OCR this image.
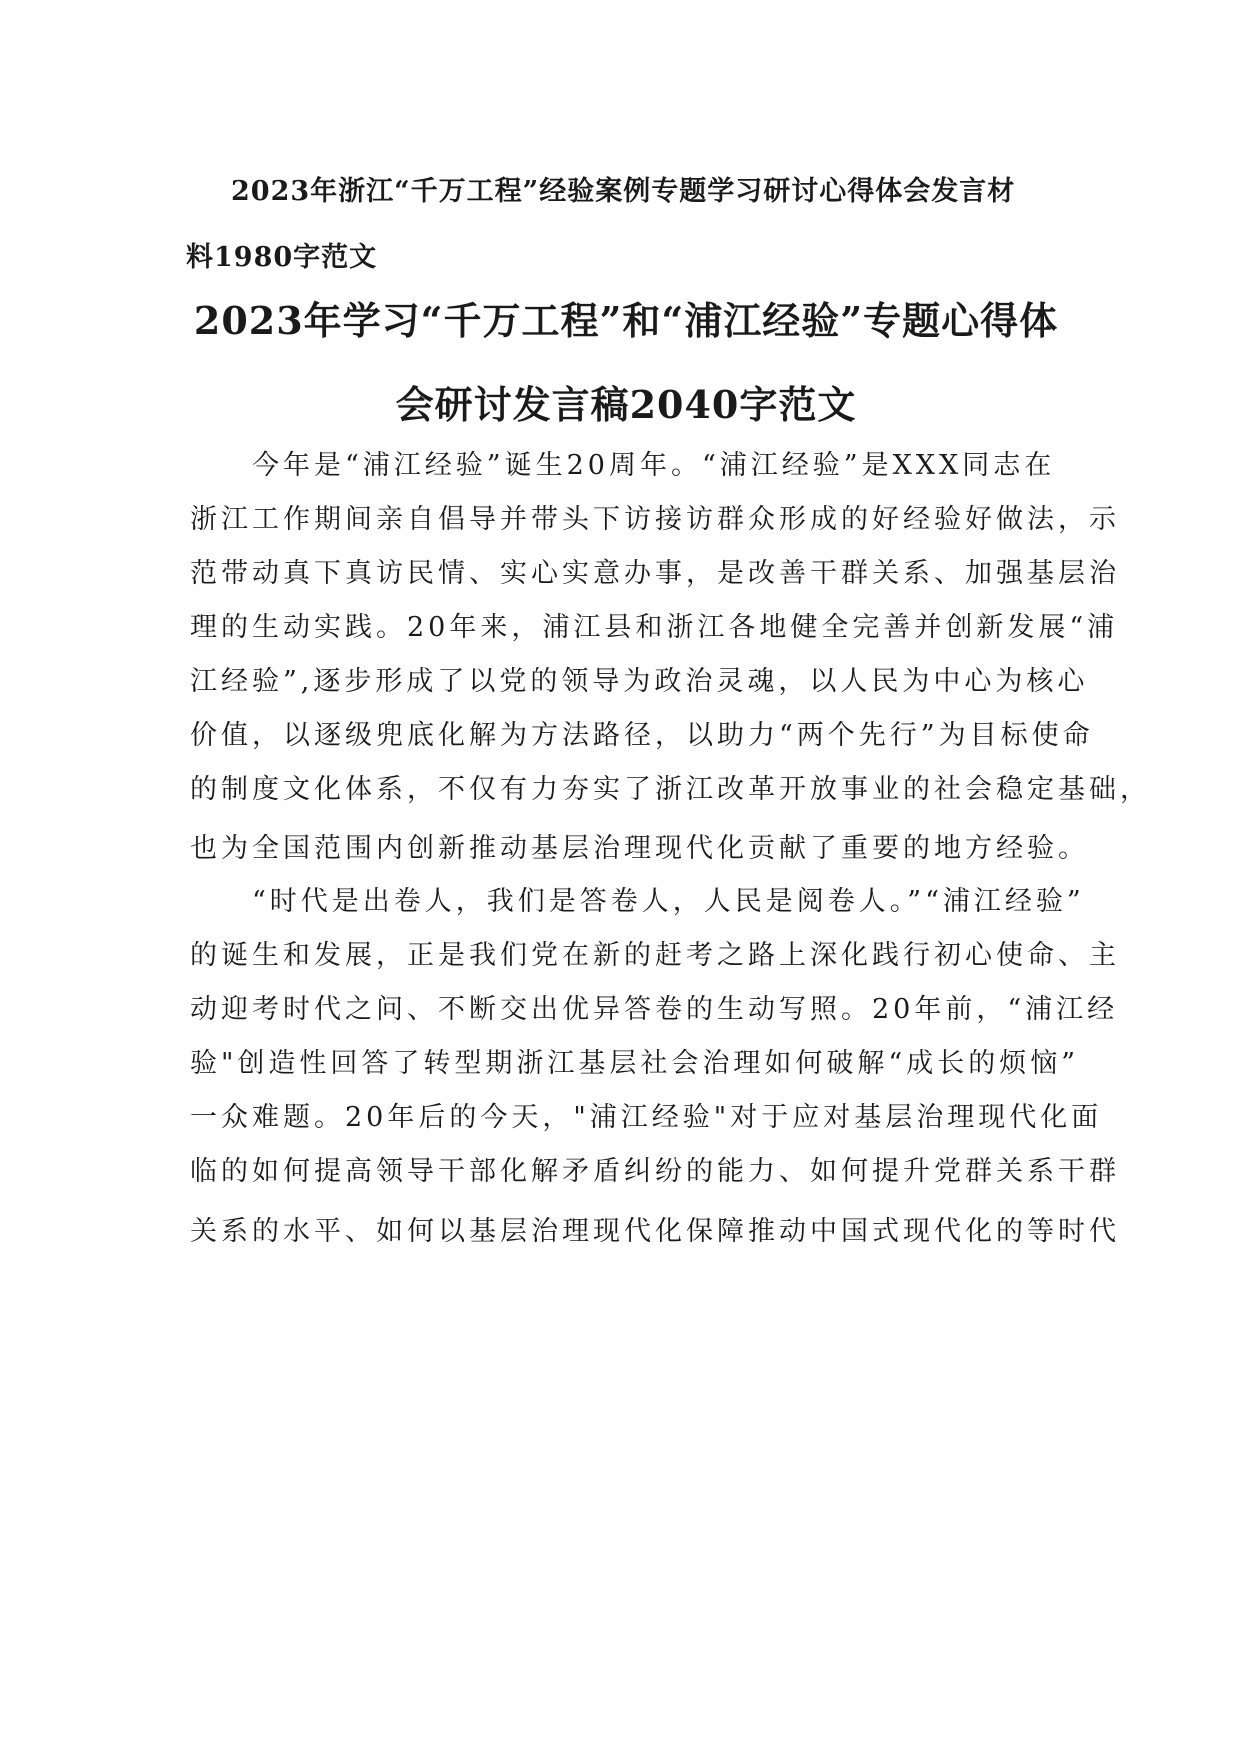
2023年浙江“千万工程”经验案例专题学习研讨心得体会发言材
料1980字范文
2023年学习“千万工程”和“浦江经验”专题心得体
会研讨发言稿2040字范文
　　今年是“浦江经验”诞生20周年。“浦江经验”是XXX同志在
浙江工作期间亲自倡导并带头下访接访群众形成的好经验好做法，示
范带动真下真访民情、实心实意办事，是改善干群关系、加强基层治
理的生动实践。20年来，浦江县和浙江各地健全完善并创新发展“浦
江经验”,逐步形成了以党的领导为政治灵魂，以人民为中心为核心
价值，以逐级兜底化解为方法路径，以助力“两个先行”为目标使命
的制度文化体系，不仅有力夯实了浙江改革开放事业的社会稳定基础，
也为全国范围内创新推动基层治理现代化贡献了重要的地方经验。
　　“时代是出卷人，我们是答卷人，人民是阅卷人。”“浦江经验”
的诞生和发展，正是我们党在新的赶考之路上深化践行初心使命、主
动迎考时代之问、不断交出优异答卷的生动写照。20年前，“浦江经
验"创造性回答了转型期浙江基层社会治理如何破解“成长的烦恼”
一众难题。20年后的今天，"浦江经验"对于应对基层治理现代化面
临的如何提高领导干部化解矛盾纠纷的能力、如何提升党群关系干群
关系的水平、如何以基层治理现代化保障推动中国式现代化的等时代
